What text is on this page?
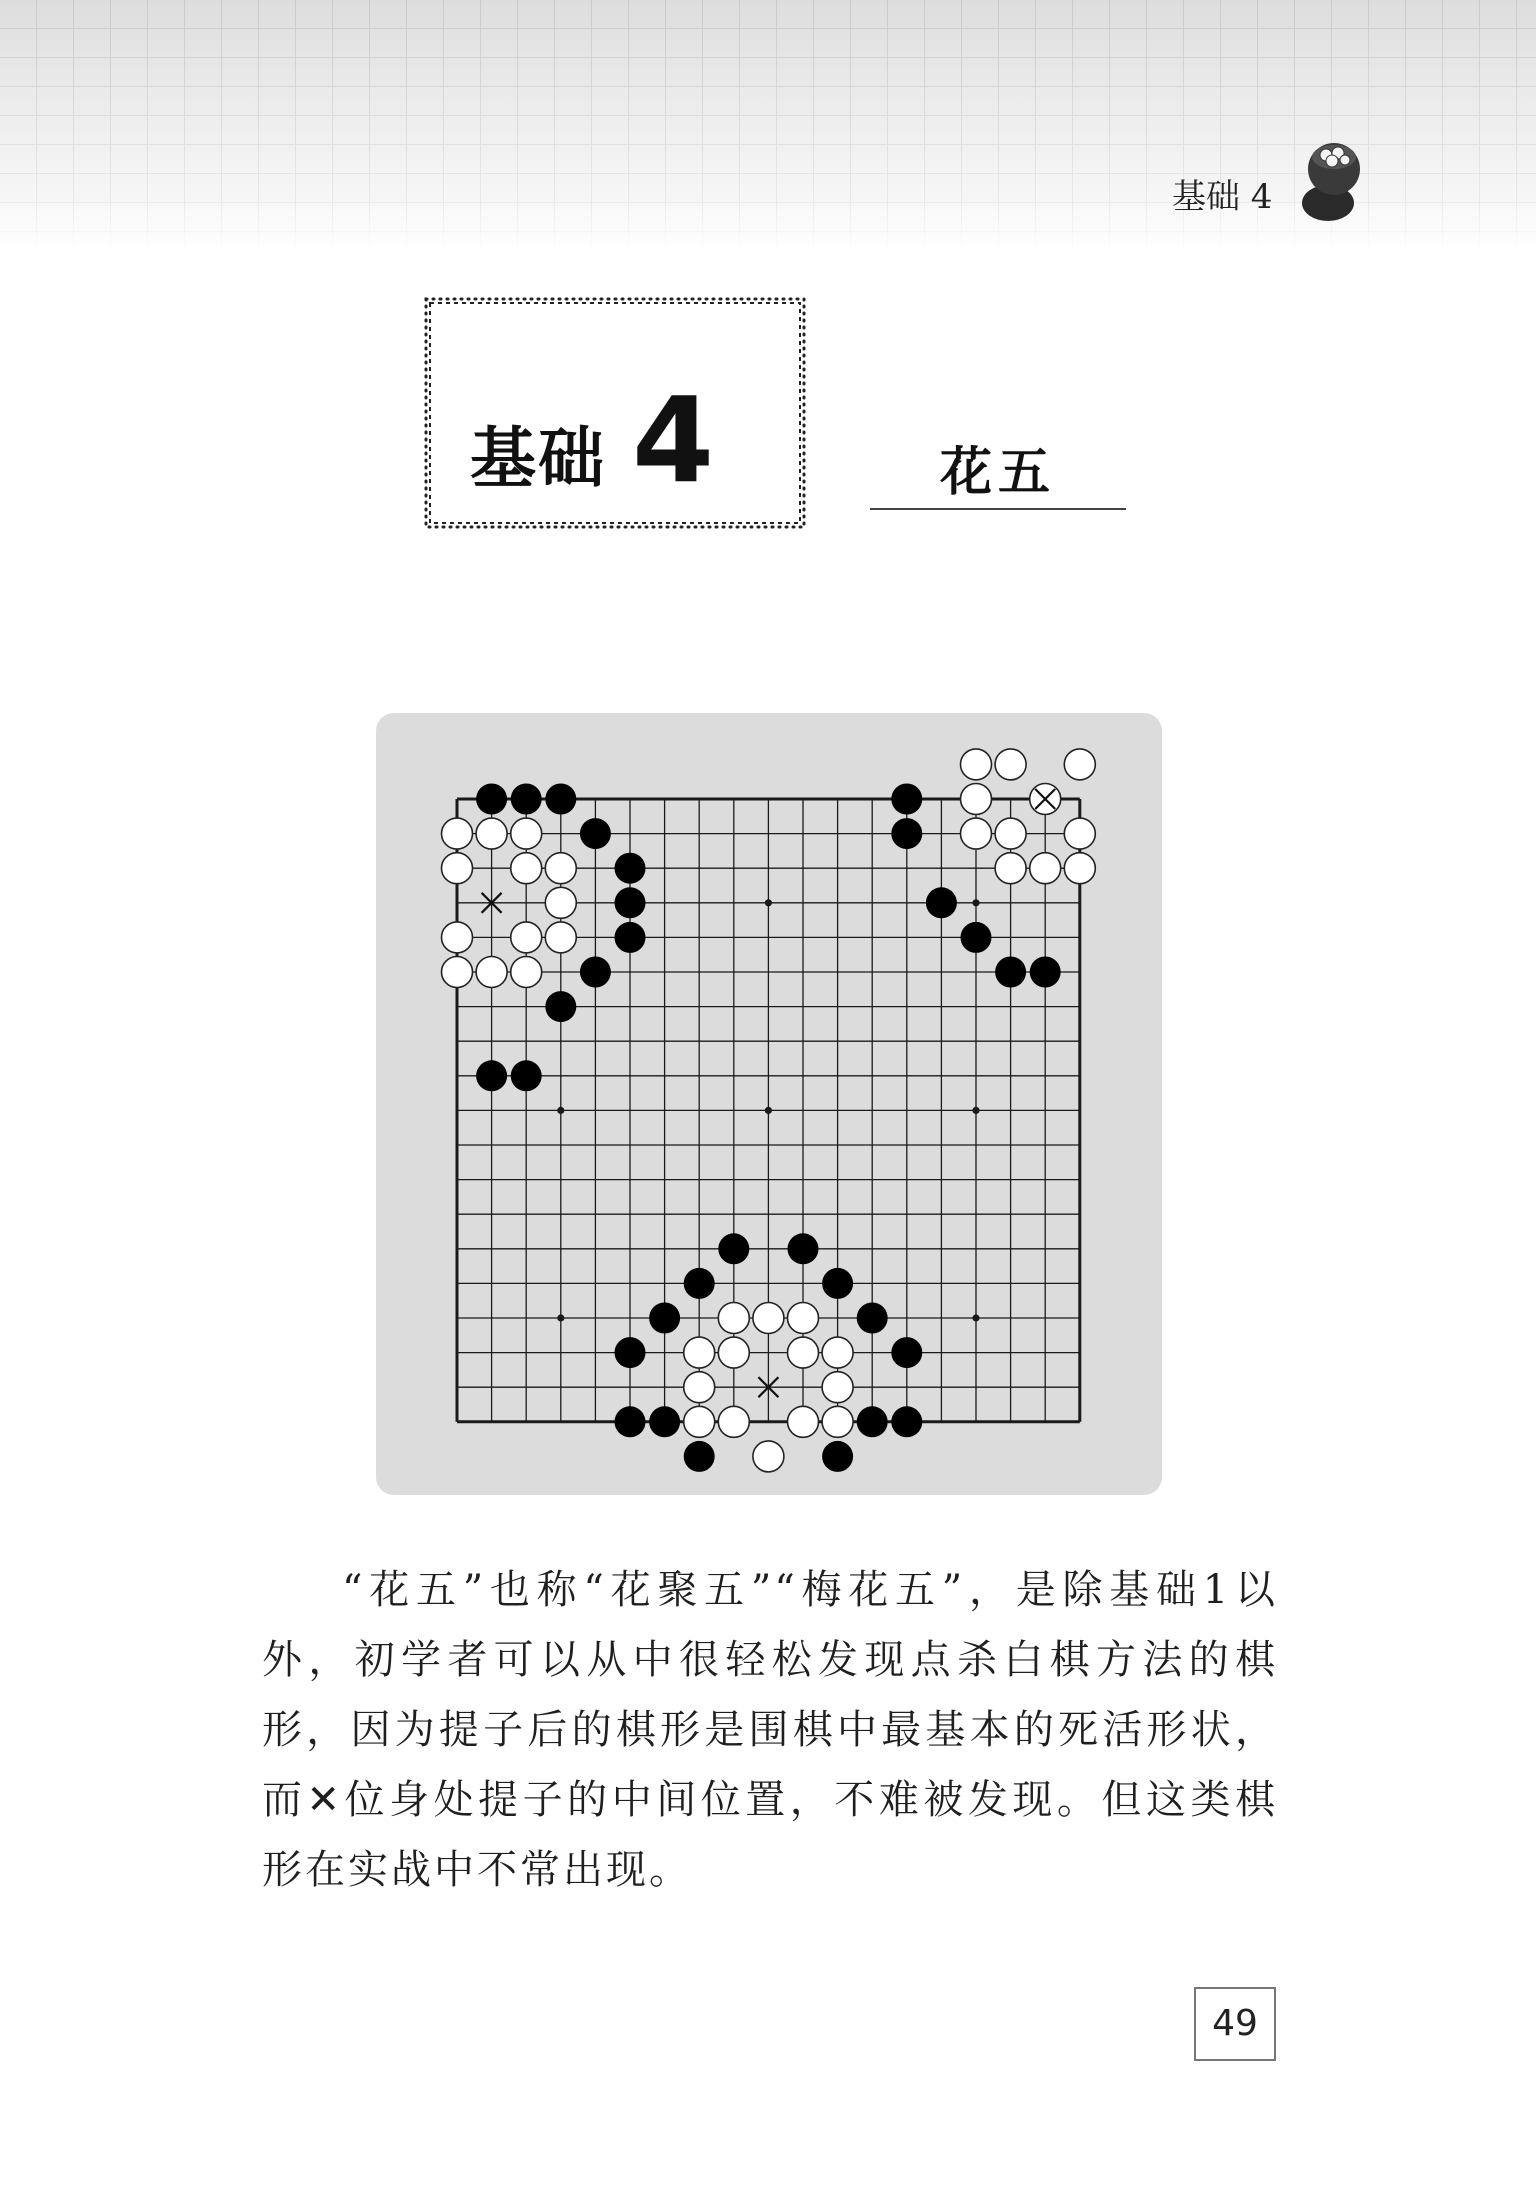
基础 4
基础 4	花五

“花五”也称“花聚五”“梅花五”，是除基础1以外，初学者可以从中很轻松发现点杀白棋方法的棋形，因为提子后的棋形是围棋中最基本的死活形状，而✕位身处提子的中间位置，不难被发现。但这类棋形在实战中不常出现。

49
